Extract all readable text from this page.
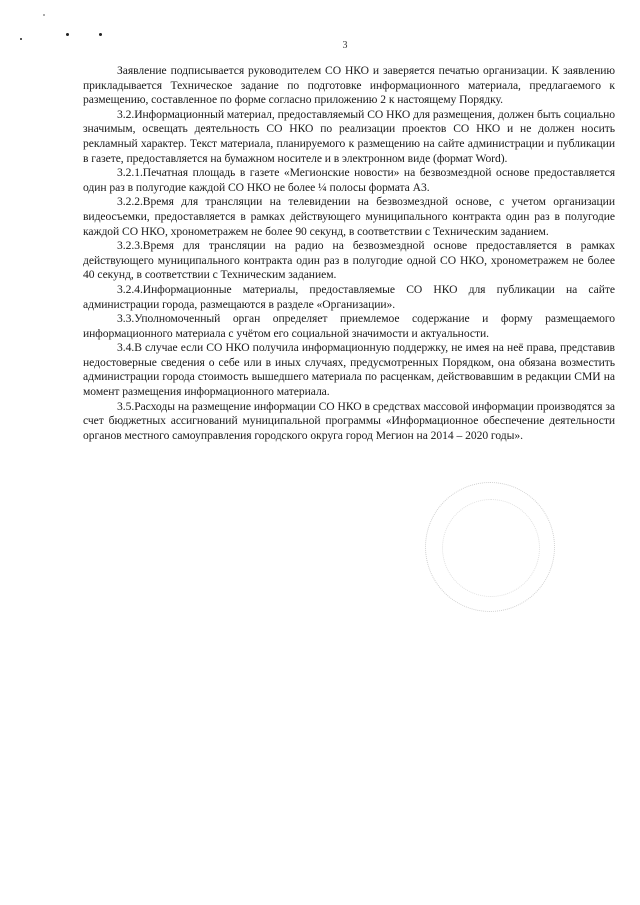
3

Заявление подписывается руководителем СО НКО и заверяется печатью организации. К заявлению прикладывается Техническое задание по подготовке информационного материала, предлагаемого к размещению, составленное по форме согласно приложению 2 к настоящему Порядку.

3.2.Информационный материал, предоставляемый СО НКО для размещения, должен быть социально значимым, освещать деятельность СО НКО по реализации проектов СО НКО и не должен носить рекламный характер. Текст материала, планируемого к размещению на сайте администрации и публикации в газете, предоставляется на бумажном носителе и в электронном виде (формат Word).

3.2.1.Печатная площадь в газете «Мегионские новости» на безвозмездной основе предоставляется один раз в полугодие каждой СО НКО не более ¼ полосы формата А3.

3.2.2.Время для трансляции на телевидении на безвозмездной основе, с учетом организации видеосъемки, предоставляется в рамках действующего муниципального контракта один раз в полугодие каждой СО НКО, хронометражем не более 90 секунд, в соответствии с Техническим заданием.

3.2.3.Время для трансляции на радио на безвозмездной основе предоставляется в рамках действующего муниципального контракта один раз в полугодие одной СО НКО, хронометражем не более 40 секунд, в соответствии с Техническим заданием.

3.2.4.Информационные материалы, предоставляемые СО НКО для публикации на сайте администрации города, размещаются в разделе «Организации».

3.3.Уполномоченный орган определяет приемлемое содержание и форму размещаемого информационного материала с учётом его социальной значимости и актуальности.

3.4.В случае если СО НКО получила информационную поддержку, не имея на неё права, представив недостоверные сведения о себе или в иных случаях, предусмотренных Порядком, она обязана возместить администрации города стоимость вышедшего материала по расценкам, действовавшим в редакции СМИ на момент размещения информационного материала.

3.5.Расходы на размещение информации СО НКО в средствах массовой информации производятся за счет бюджетных ассигнований муниципальной программы «Информационное обеспечение деятельности органов местного самоуправления городского округа город Мегион на 2014 – 2020 годы».
